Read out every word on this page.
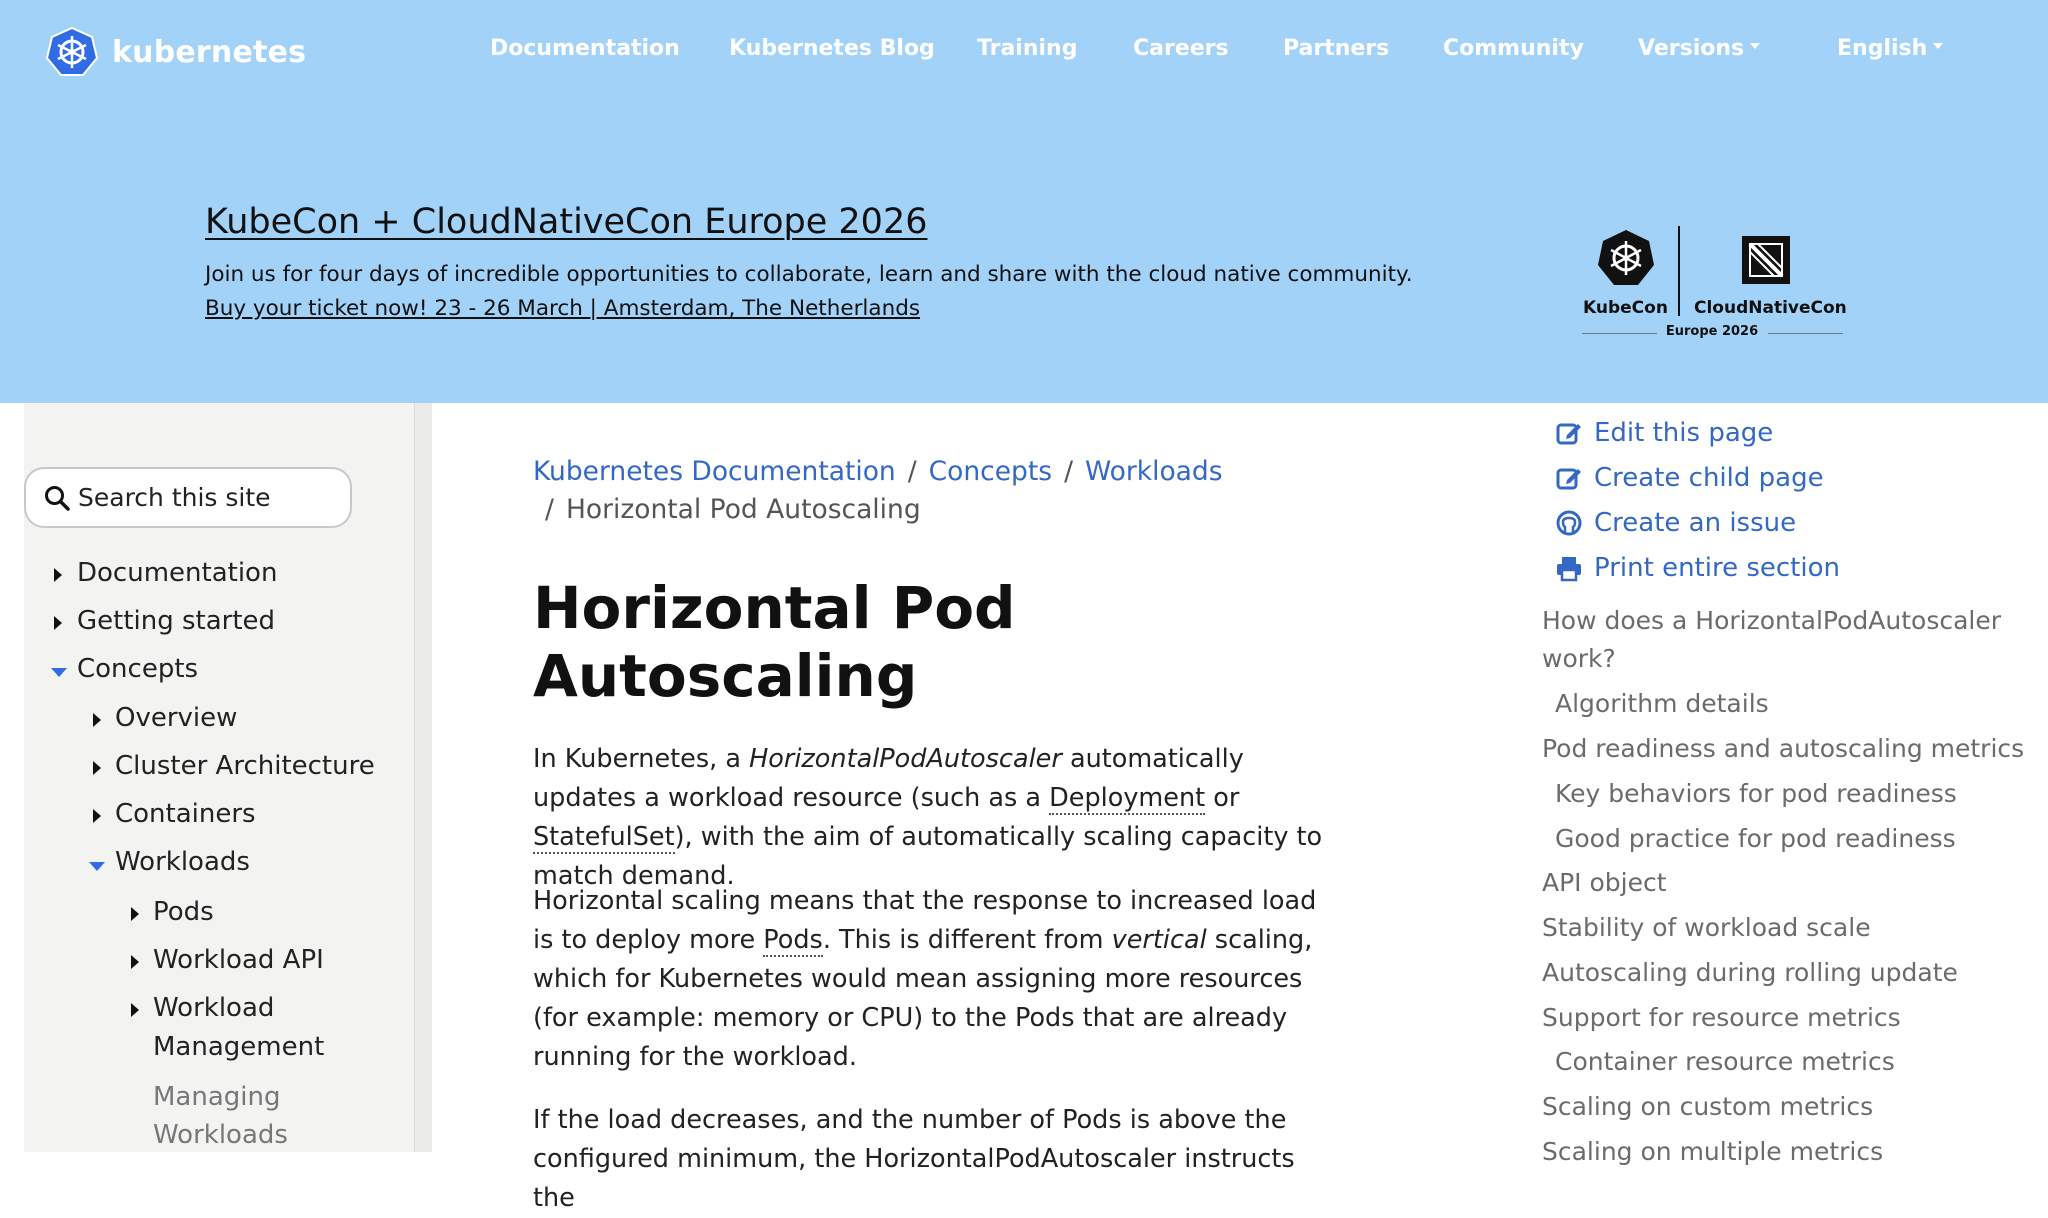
kubernetes	Documentation Kubernetes Blog Training	Careers Partners Community Versions	English
KubeCon + CloudNativeCon Europe 2026
Join us for four days of incredible opportunities to collaborate, learn and share with the cloud native community.
Buy your ticket now! 23 - 26 March | Amsterdam, The Netherlands	KubeCon CloudNativeCon
Europe 2026
Search this site
Documentation
Getting started
Concepts
Overview
Cluster Architecture
Containers
Workloads
Pods
Workload API
Workload
Management
Managing
Workloads
Kubernetes Documentation / Concepts / Workloads
/ Horizontal Pod Autoscaling
Horizontal Pod
Autoscaling

In Kubernetes, a HorizontalPodAutoscaler automatically updates a workload resource (such as a Deployment or StatefulSet), with the aim of automatically scaling capacity to match demand.

Horizontal scaling means that the response to increased load is to deploy more Pods. This is different from vertical scaling, which for Kubernetes would mean assigning more resources (for example: memory or CPU) to the Pods that are already running for the workload.

If the load decreases, and the number of Pods is above the configured minimum, the HorizontalPodAutoscaler instructs the

Edit this page
Create child page
Create an issue
Print entire section
How does a HorizontalPodAutoscaler
work?
Algorithm details
Pod readiness and autoscaling metrics
Key behaviors for pod readiness
Good practice for pod readiness
API object
Stability of workload scale
Autoscaling during rolling update
Support for resource metrics
Container resource metrics
Scaling on custom metrics
Scaling on multiple metrics
